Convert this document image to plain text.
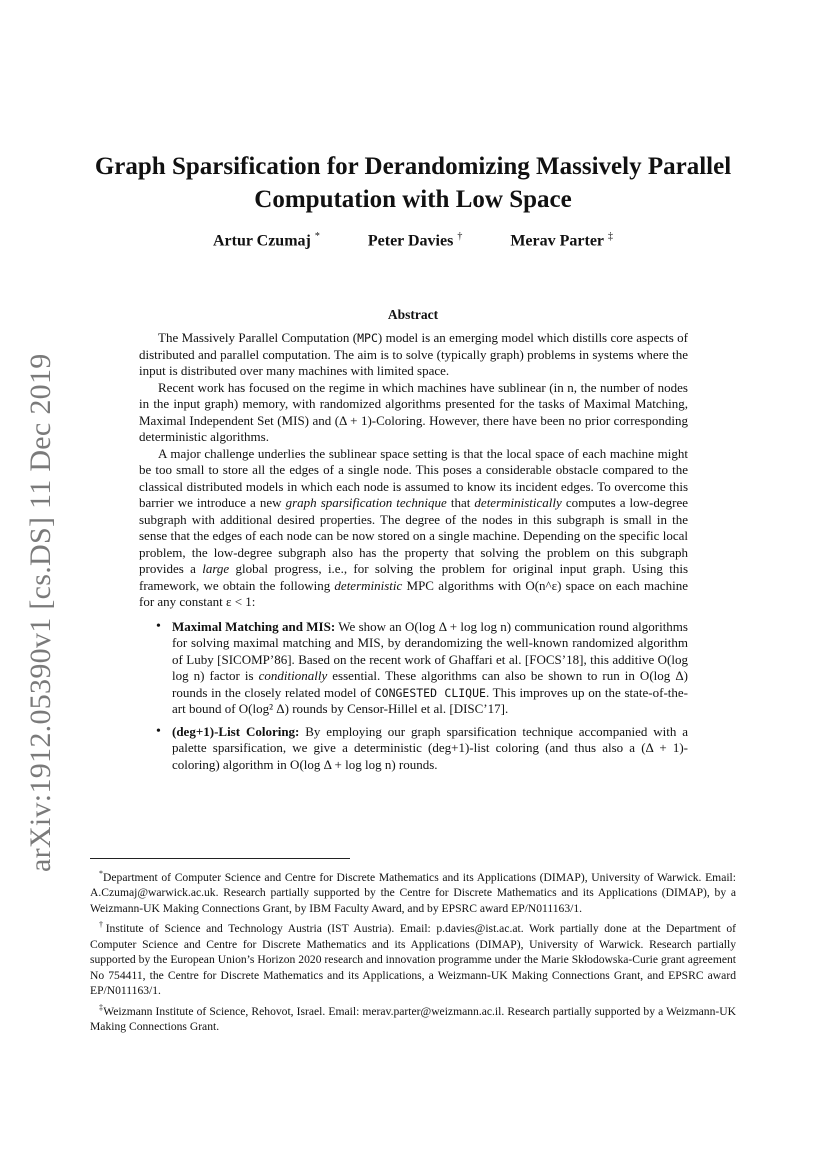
arXiv:1912.05390v1 [cs.DS] 11 Dec 2019
Graph Sparsification for Derandomizing Massively Parallel Computation with Low Space
Artur Czumaj *	Peter Davies †	Merav Parter ‡
Abstract

The Massively Parallel Computation (MPC) model is an emerging model which distills core aspects of distributed and parallel computation. The aim is to solve (typically graph) problems in systems where the input is distributed over many machines with limited space.

Recent work has focused on the regime in which machines have sublinear (in n, the number of nodes in the input graph) memory, with randomized algorithms presented for the tasks of Maximal Matching, Maximal Independent Set (MIS) and (Δ + 1)-Coloring. However, there have been no prior corresponding deterministic algorithms.

A major challenge underlies the sublinear space setting is that the local space of each machine might be too small to store all the edges of a single node. This poses a considerable obstacle compared to the classical distributed models in which each node is assumed to know its incident edges. To overcome this barrier we introduce a new graph sparsification technique that deterministically computes a low-degree subgraph with additional desired properties. The degree of the nodes in this subgraph is small in the sense that the edges of each node can be now stored on a single machine. Depending on the specific local problem, the low-degree subgraph also has the property that solving the problem on this subgraph provides a large global progress, i.e., for solving the problem for original input graph. Using this framework, we obtain the following deterministic MPC algorithms with O(n^ε) space on each machine for any constant ε < 1:

• Maximal Matching and MIS: We show an O(log Δ + log log n) communication round algorithms for solving maximal matching and MIS, by derandomizing the well-known randomized algorithm of Luby [SICOMP’86]. Based on the recent work of Ghaffari et al. [FOCS’18], this additive O(log log n) factor is conditionally essential. These algorithms can also be shown to run in O(log Δ) rounds in the closely related model of CONGESTED CLIQUE. This improves up on the state-of-the-art bound of O(log² Δ) rounds by Censor-Hillel et al. [DISC’17].
• (deg+1)-List Coloring: By employing our graph sparsification technique accompanied with a palette sparsification, we give a deterministic (deg+1)-list coloring (and thus also a (Δ + 1)-coloring) algorithm in O(log Δ + log log n) rounds.

*Department of Computer Science and Centre for Discrete Mathematics and its Applications (DIMAP), University of Warwick. Email: A.Czumaj@warwick.ac.uk. Research partially supported by the Centre for Discrete Mathematics and its Applications (DIMAP), by a Weizmann-UK Making Connections Grant, by IBM Faculty Award, and by EPSRC award EP/N011163/1.

†Institute of Science and Technology Austria (IST Austria). Email: p.davies@ist.ac.at. Work partially done at the Department of Computer Science and Centre for Discrete Mathematics and its Applications (DIMAP), University of Warwick. Research partially supported by the European Union’s Horizon 2020 research and innovation programme under the Marie Skłodowska-Curie grant agreement No 754411, the Centre for Discrete Mathematics and its Applications, a Weizmann-UK Making Connections Grant, and EPSRC award EP/N011163/1.

‡Weizmann Institute of Science, Rehovot, Israel. Email: merav.parter@weizmann.ac.il. Research partially supported by a Weizmann-UK Making Connections Grant.
